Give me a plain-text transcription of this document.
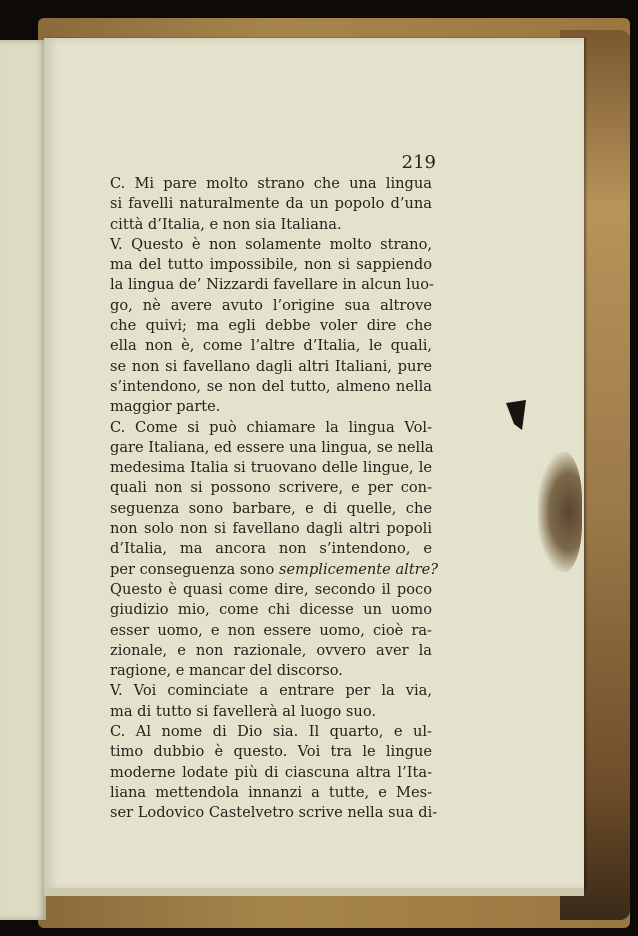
219
C. Mi pare molto strano che una lingua
si favelli naturalmente da un popolo d’una
città d’Italia, e non sia Italiana.
V. Questo è non solamente molto strano,
ma del tutto impossibile, non si sappiendo
la lingua de’ Nizzardi favellare in alcun luo-
go, nè avere avuto l’origine sua altrove
che quivi; ma egli debbe voler dire che
ella non è, come l’altre d’Italia, le quali,
se non si favellano dagli altri Italiani, pure
s’intendono, se non del tutto, almeno nella
maggior parte.
C. Come si può chiamare la lingua Vol-
gare Italiana, ed essere una lingua, se nella
medesima Italia si truovano delle lingue, le
quali non si possono scrivere, e per con-
seguenza sono barbare, e di quelle, che
non solo non si favellano dagli altri popoli
d’Italia, ma ancora non s’intendono, e
per conseguenza sono semplicemente altre?
Questo è quasi come dire, secondo il poco
giudizio mio, come chi dicesse un uomo
esser uomo, e non essere uomo, cioè ra-
zionale, e non razionale, ovvero aver la
ragione, e mancar del discorso.
V. Voi cominciate a entrare per la via,
ma di tutto si favellerà al luogo suo.
C. Al nome di Dio sia. Il quarto, e ul-
timo dubbio è questo. Voi tra le lingue
moderne lodate più di ciascuna altra l’Ita-
liana mettendola innanzi a tutte, e Mes-
ser Lodovico Castelvetro scrive nella sua di-
